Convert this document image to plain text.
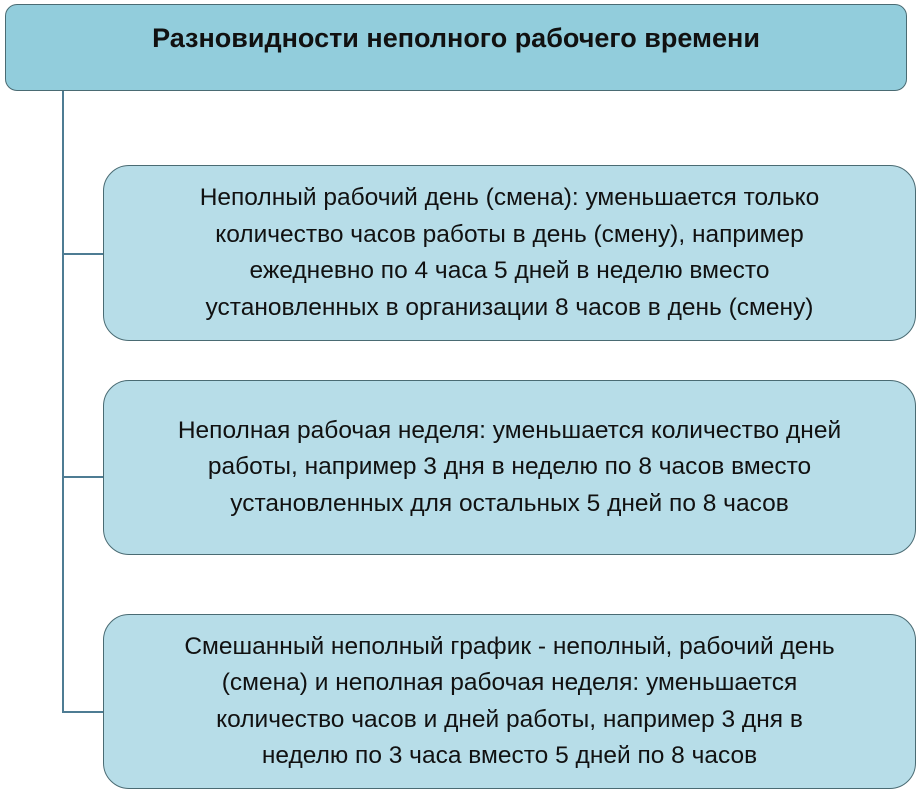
Разновидности неполного рабочего времени
Неполный рабочий день (смена): уменьшается только
количество часов работы в день (смену), например
ежедневно по 4 часа 5 дней в неделю вместо
установленных в организации 8 часов в день (смену)
Неполная рабочая неделя: уменьшается количество дней
работы, например 3 дня в неделю по 8 часов вместо
установленных для остальных 5 дней по 8 часов
Смешанный неполный график - неполный, рабочий день
(смена) и неполная рабочая неделя: уменьшается
количество часов и дней работы, например 3 дня в
неделю по 3 часа вместо 5 дней по 8 часов
